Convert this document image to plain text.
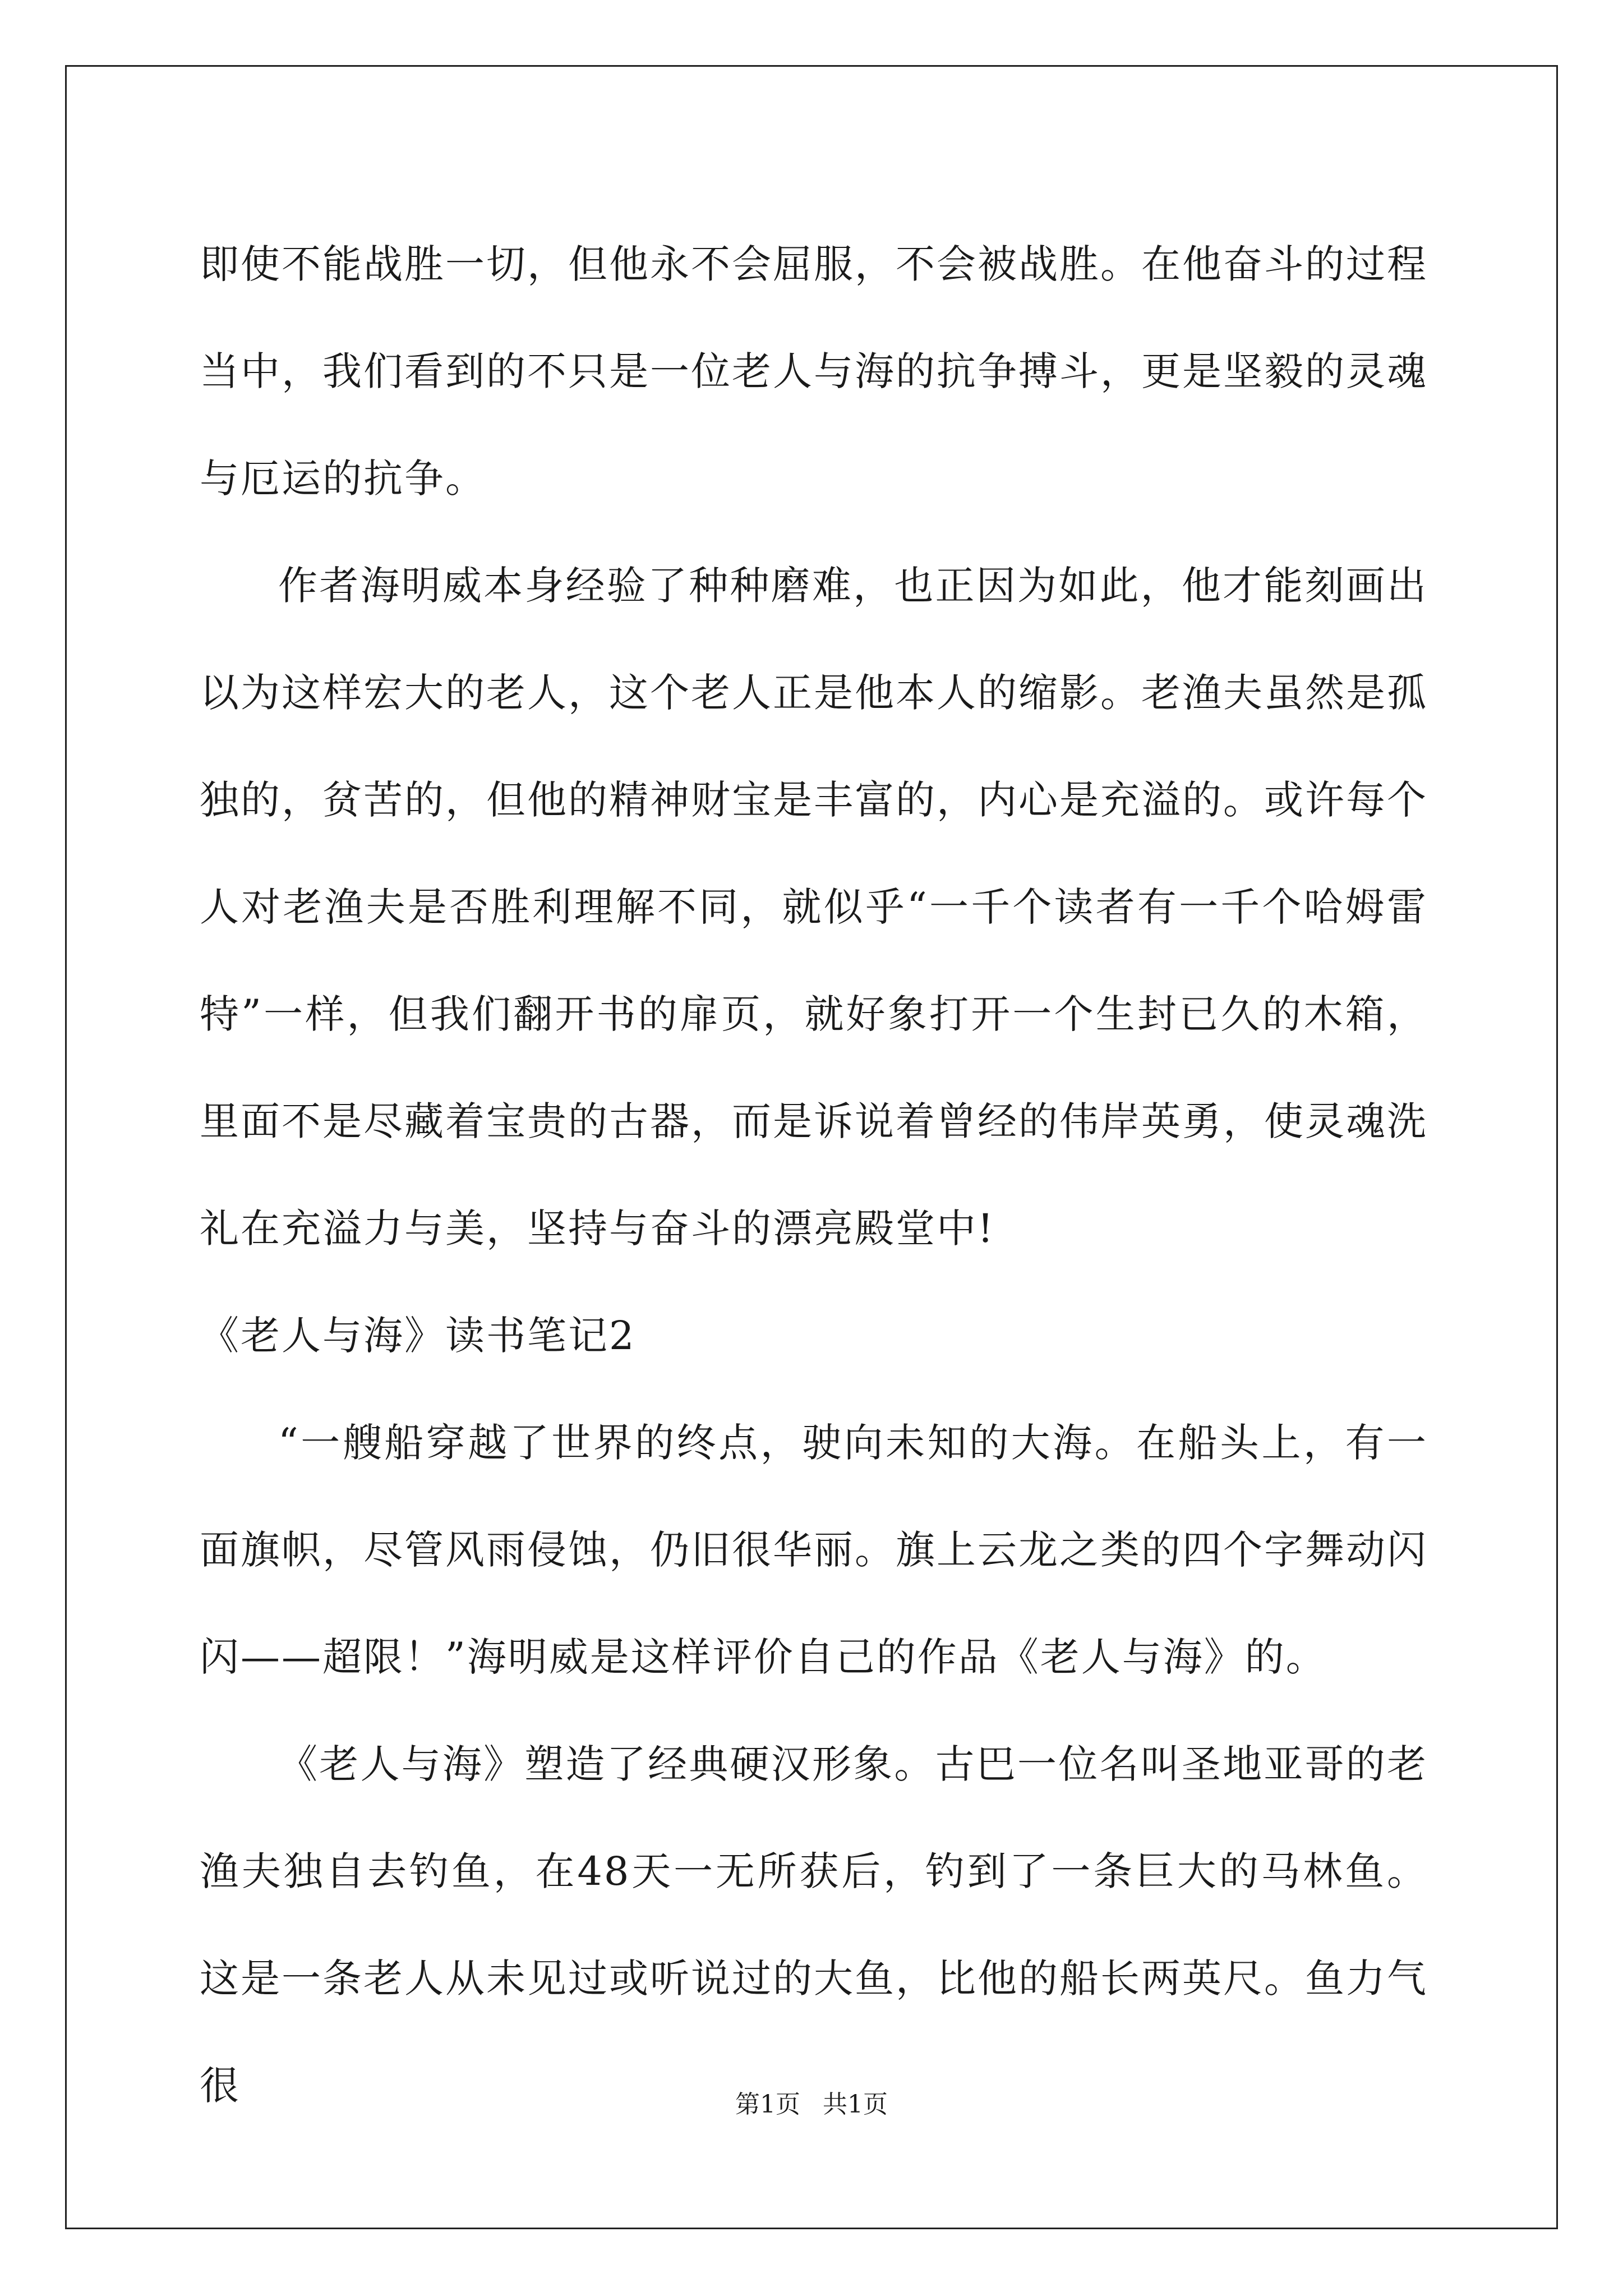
即使不能战胜一切，但他永不会屈服，不会被战胜。在他奋斗的过程当中，我们看到的不只是一位老人与海的抗争搏斗，更是坚毅的灵魂与厄运的抗争。

作者海明威本身经验了种种磨难，也正因为如此，他才能刻画出以为这样宏大的老人，这个老人正是他本人的缩影。老渔夫虽然是孤独的，贫苦的，但他的精神财宝是丰富的，内心是充溢的。或许每个人对老渔夫是否胜利理解不同，就似乎“一千个读者有一千个哈姆雷特”一样，但我们翻开书的扉页，就好象打开一个生封已久的木箱，里面不是尽藏着宝贵的古器，而是诉说着曾经的伟岸英勇，使灵魂洗礼在充溢力与美，坚持与奋斗的漂亮殿堂中!

《老人与海》读书笔记2

“一艘船穿越了世界的终点，驶向未知的大海。在船头上，有一面旗帜，尽管风雨侵蚀，仍旧很华丽。旗上云龙之类的四个字舞动闪闪——超限！”海明威是这样评价自己的作品《老人与海》的。

《老人与海》塑造了经典硬汉形象。古巴一位名叫圣地亚哥的老渔夫独自去钓鱼，在48天一无所获后，钓到了一条巨大的马林鱼。这是一条老人从未见过或听说过的大鱼，比他的船长两英尺。鱼力气很	第1页 共1页
